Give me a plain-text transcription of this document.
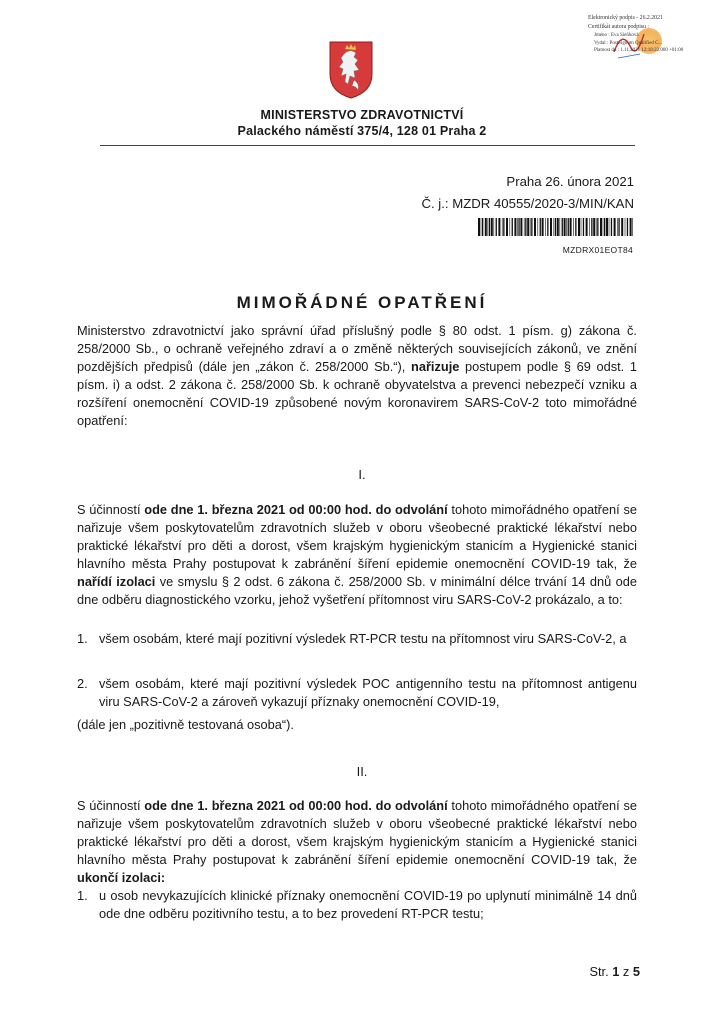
MINISTERSTVO ZDRAVOTNICTVÍ
Palackého náměstí 375/4, 128 01 Praha 2
Elektronický podpis - 26.2.2021
Certifikát autora podpisu :
Jméno : Eva Sieňhová
Vydal : PostSignum Qualified C...
Platnost do : 1.11.2021 12:18:22.000 +01:00
Praha 26. února 2021
Č. j.: MZDR 40555/2020-3/MIN/KAN
MZDRX01EOT84
MIMOŘÁDNÉ OPATŘENÍ
Ministerstvo zdravotnictví jako správní úřad příslušný podle § 80 odst. 1 písm. g) zákona č. 258/2000 Sb., o ochraně veřejného zdraví a o změně některých souvisejících zákonů, ve znění pozdějších předpisů (dále jen „zákon č. 258/2000 Sb.“), nařizuje postupem podle § 69 odst. 1 písm. i) a odst. 2 zákona č. 258/2000 Sb. k ochraně obyvatelstva a prevenci nebezpečí vzniku a rozšíření onemocnění COVID-19 způsobené novým koronavirem SARS-CoV-2 toto mimořádné opatření:
I.
S účinností ode dne 1. března 2021 od 00:00 hod. do odvolání tohoto mimořádného opatření se nařizuje všem poskytovatelům zdravotních služeb v oboru všeobecné praktické lékařství nebo praktické lékařství pro děti a dorost, všem krajským hygienickým stanicím a Hygienické stanici hlavního města Prahy postupovat k zabránění šíření epidemie onemocnění COVID-19 tak, že nařídí izolaci ve smyslu § 2 odst. 6 zákona č. 258/2000 Sb. v minimální délce trvání 14 dnů ode dne odběru diagnostického vzorku, jehož vyšetření přítomnost viru SARS-CoV-2 prokázalo, a to:
1. všem osobám, které mají pozitivní výsledek RT-PCR testu na přítomnost viru SARS-CoV-2, a
2. všem osobám, které mají pozitivní výsledek POC antigenního testu na přítomnost antigenu viru SARS-CoV-2 a zároveň vykazují příznaky onemocnění COVID-19,
(dále jen „pozitivně testovaná osoba“).
II.
S účinností ode dne 1. března 2021 od 00:00 hod. do odvolání tohoto mimořádného opatření se nařizuje všem poskytovatelům zdravotních služeb v oboru všeobecné praktické lékařství nebo praktické lékařství pro děti a dorost, všem krajským hygienickým stanicím a Hygienické stanici hlavního města Prahy postupovat k zabránění šíření epidemie onemocnění COVID-19 tak, že ukončí izolaci:
1. u osob nevykazujících klinické příznaky onemocnění COVID-19 po uplynutí minimálně 14 dnů ode dne odběru pozitivního testu, a to bez provedení RT-PCR testu;
Str. 1 z 5
